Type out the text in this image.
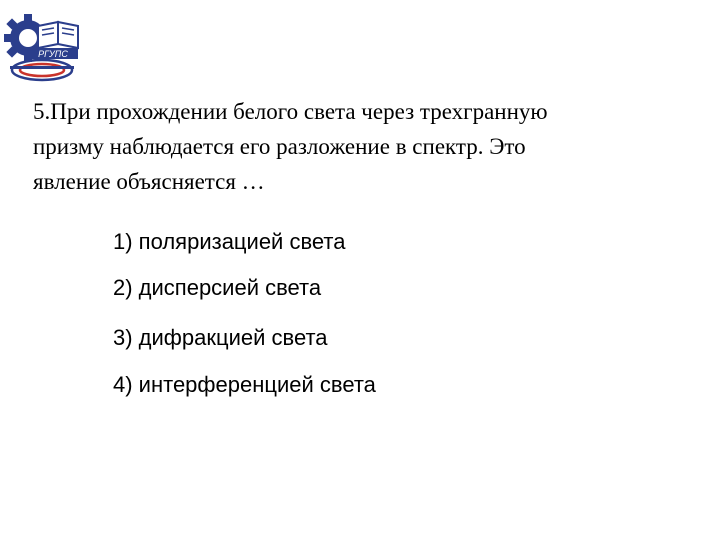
РГУПС
5.При прохождении белого света через трехгранную
призму наблюдается его разложение в спектр. Это
явление объясняется …
1) поляризацией света
2) дисперсией света
3) дифракцией света
4) интерференцией света
